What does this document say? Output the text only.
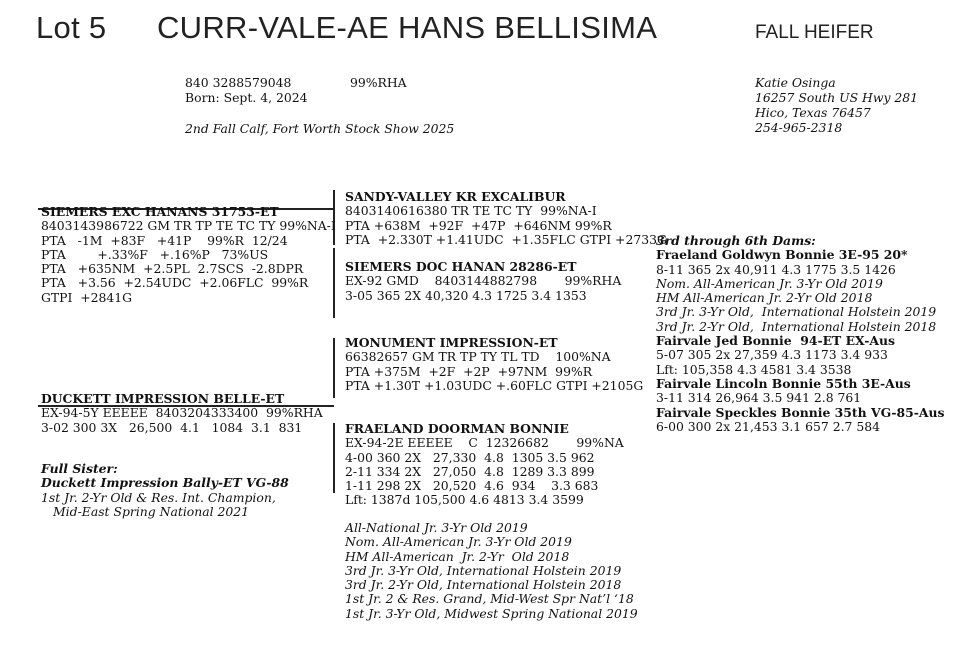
Lot 5 CURR-VALE-AE HANS BELLISIMA	FALL HEIFER
840 3288579048	99%RHA
Born: Sept. 4, 2024
2nd Fall Calf, Fort Worth Stock Show 2025
Katie Osinga
16257 South US Hwy 281
Hico, Texas 76457
254-965-2318
SIEMERS EXC HANANS 31753-ET
8403143986722 GM TR TP TE TC TY 99%NA-I
PTA   -1M  +83F   +41P    99%R  12/24
PTA        +.33%F   +.16%P   73%US
PTA   +635NM  +2.5PL  2.7SCS  -2.8DPR
PTA   +3.56  +2.54UDC  +2.06FLC  99%R
GTPI  +2841G
SANDY-VALLEY KR EXCALIBUR
8403140616380 TR TE TC TY  99%NA-I
PTA +638M  +92F  +47P  +646NM 99%R
PTA  +2.330T +1.41UDC  +1.35FLC GTPI +2733G
SIEMERS DOC HANAN 28286-ET
EX-92 GMD    8403144882798       99%RHA
3-05 365 2X 40,320 4.3 1725 3.4 1353
DUCKETT IMPRESSION BELLE-ET
EX-94-5Y EEEEE  8403204333400  99%RHA
3-02 300 3X   26,500  4.1   1084  3.1  831
MONUMENT IMPRESSION-ET
66382657 GM TR TP TY TL TD    100%NA
PTA +375M  +2F  +2P  +97NM  99%R
PTA +1.30T +1.03UDC +.60FLC GTPI +2105G
FRAELAND DOORMAN BONNIE
EX-94-2E EEEEE    C  12326682       99%NA
4-00 360 2X   27,330  4.8  1305 3.5 962
2-11 334 2X   27,050  4.8  1289 3.3 899
1-11 298 2X   20,520  4.6  934    3.3 683
Lft: 1387d 105,500 4.6 4813 3.4 3599
All-National Jr. 3-Yr Old 2019
Nom. All-American Jr. 3-Yr Old 2019
HM All-American  Jr. 2-Yr  Old 2018
3rd Jr. 3-Yr Old, International Holstein 2019
3rd Jr. 2-Yr Old, International Holstein 2018
1st Jr. 2 & Res. Grand, Mid-West Spr Nat’l ‘18
1st Jr. 3-Yr Old, Midwest Spring National 2019
Full Sister:
Duckett Impression Bally-ET VG-88
1st Jr. 2-Yr Old & Res. Int. Champion,
Mid-East Spring National 2021
3rd through 6th Dams:
Fraeland Goldwyn Bonnie 3E-95 20*
8-11 365 2x 40,911 4.3 1775 3.5 1426
Nom. All-American Jr. 3-Yr Old 2019
HM All-American Jr. 2-Yr Old 2018
3rd Jr. 3-Yr Old,  International Holstein 2019
3rd Jr. 2-Yr Old,  International Holstein 2018
Fairvale Jed Bonnie  94-ET EX-Aus
5-07 305 2x 27,359 4.3 1173 3.4 933
Lft: 105,358 4.3 4581 3.4 3538
Fairvale Lincoln Bonnie 55th 3E-Aus
3-11 314 26,964 3.5 941 2.8 761
Fairvale Speckles Bonnie 35th VG-85-Aus
6-00 300 2x 21,453 3.1 657 2.7 584
